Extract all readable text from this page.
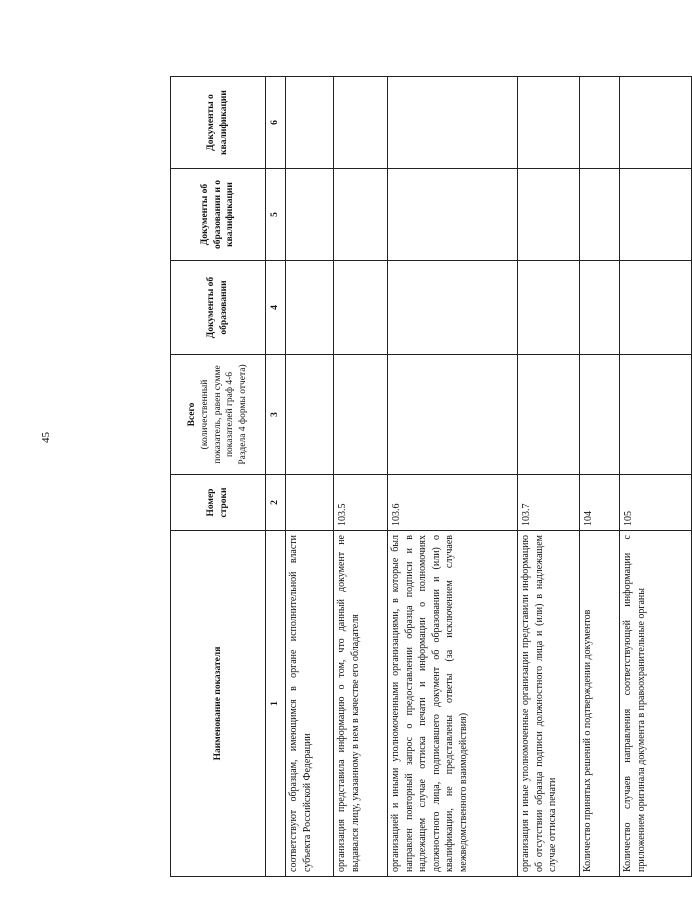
45
Наименование показателя	Номер строки	Всего (количественный показатель, равен сумме показателей граф 4-6 Раздела 4 формы отчета)	Документы об образовании	Документы об образовании и о квалификации	Документы о квалификации
1	2	3	4	5	6
соответствуют образцам, имеющимся в органе исполнительной власти субъекта Российской Федерации					
организация представила информацию о том, что данный документ не выдавался лицу, указанному в нем в качестве его обладателя	103.5				
организацией и иными уполномоченными организациями, в которые был направлен повторный запрос о предоставлении образца подписи и в надлежащем случае оттиска печати и информации о полномочиях должностного лица, подписавшего документ об образовании и (или) о квалификации, не представлены ответы (за исключением случаев межведомственного взаимодействия)	103.6				
организация и иные уполномоченные организации представили информацию об отсутствии образца подписи должностного лица и (или) в надлежащем случае оттиска печати	103.7				
Количество принятых решений о подтверждении документов	104				
Количество случаев направления соответствующей информации с приложением оригинала документа в правоохранительные органы	105				
